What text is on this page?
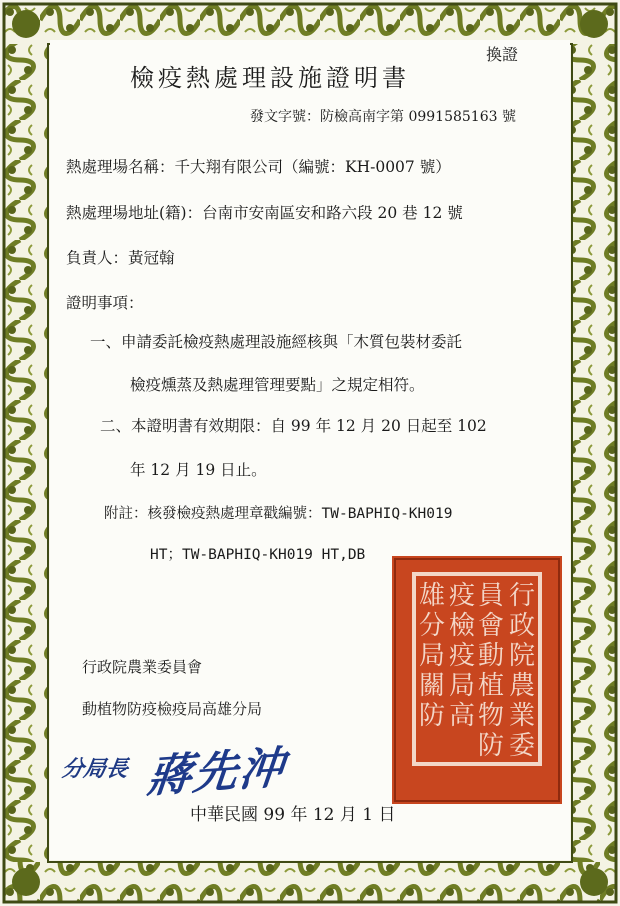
換證
檢疫熱處理設施證明書
發文字號：防檢高南字第 0991585163 號
熱處理場名稱：千大翔有限公司（編號：KH-0007 號）
熱處理場地址(籍)：台南市安南區安和路六段 20 巷 12 號
負責人：黃冠翰
證明事項：
一、申請委託檢疫熱處理設施經核與「木質包裝材委託
檢疫燻蒸及熱處理管理要點」之規定相符。
二、本證明書有效期限：自 99 年 12 月 20 日起至 102
年 12 月 19 日止。
附註：核發檢疫熱處理章戳編號：TW-BAPHIQ-KH019
HT；TW-BAPHIQ-KH019 HT,DB
行政院農業委員會
動植物防疫檢疫局高雄分局
分局長 蔣先沖
行
政
院
農
業
委
員
會
動
植
物
防
疫
檢
疫
局
高
雄
分
局
關
防
中華民國 99 年 12 月 1 日
